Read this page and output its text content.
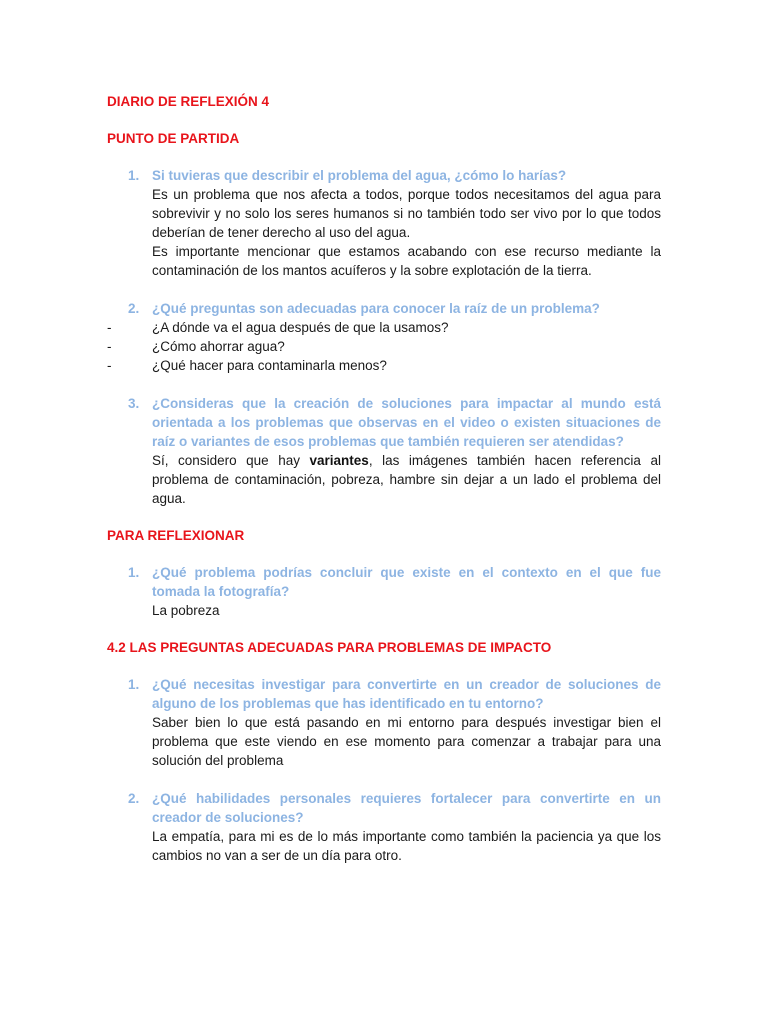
DIARIO DE REFLEXIÓN 4

PUNTO DE PARTIDA

1. Si tuvieras que describir el problema del agua, ¿cómo lo harías?

Es un problema que nos afecta a todos, porque todos necesitamos del agua para sobrevivir y no solo los seres humanos si no también todo ser vivo por lo que todos deberían de tener derecho al uso del agua.

Es importante mencionar que estamos acabando con ese recurso mediante la contaminación de los mantos acuíferos y la sobre explotación de la tierra.

2. ¿Qué preguntas son adecuadas para conocer la raíz de un problema?

-	¿A dónde va el agua después de que la usamos?
-	¿Cómo ahorrar agua?
-	¿Qué hacer para contaminarla menos?
3. ¿Consideras que la creación de soluciones para impactar al mundo está orientada a los problemas que observas en el video o existen situaciones de raíz o variantes de esos problemas que también requieren ser atendidas?

Sí, considero que hay variantes, las imágenes también hacen referencia al problema de contaminación, pobreza, hambre sin dejar a un lado el problema del agua.

PARA REFLEXIONAR

1. ¿Qué problema podrías concluir que existe en el contexto en el que fue tomada la fotografía?

La pobreza

4.2 LAS PREGUNTAS ADECUADAS PARA PROBLEMAS DE IMPACTO

1. ¿Qué necesitas investigar para convertirte en un creador de soluciones de alguno de los problemas que has identificado en tu entorno?

Saber bien lo que está pasando en mi entorno para después investigar bien el problema que este viendo en ese momento para comenzar a trabajar para una solución del problema

2. ¿Qué habilidades personales requieres fortalecer para convertirte en un creador de soluciones?

La empatía, para mi es de lo más importante como también la paciencia ya que los cambios no van a ser de un día para otro.
